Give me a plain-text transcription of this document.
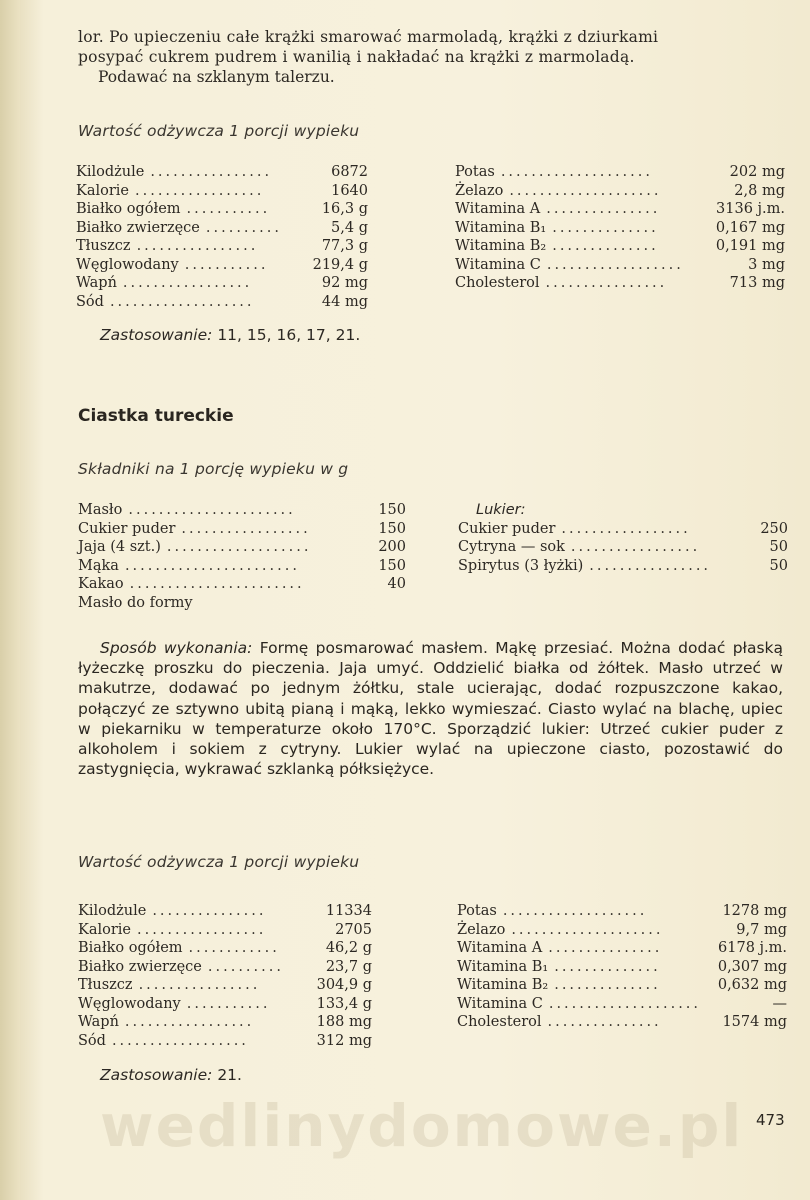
wedlinydomowe.pl
lor. Po upieczeniu całe krążki smarować marmoladą, krążki z dziurkami
posypać cukrem pudrem i wanilią i nakładać na krążki z marmoladą.
Podawać na szklanym talerzu.
Wartość odżywcza 1 porcji wypieku
Kilodżule ................	6872
Kalorie .................	1640
Białko ogółem ...........	16,3 g
Białko zwierzęce ..........	5,4 g
Tłuszcz ................	77,3 g
Węglowodany ...........	219,4 g
Wapń .................	92 mg
Sód ...................	44 mg
Potas ....................	202 mg
Żelazo ....................	2,8 mg
Witamina A ...............	3136 j.m.
Witamina B₁ ..............	0,167 mg
Witamina B₂ ..............	0,191 mg
Witamina C ..................	3 mg
Cholesterol ................	713 mg
Zastosowanie: 11, 15, 16, 17, 21.
Ciastka tureckie
Składniki na 1 porcję wypieku w g
Masło ......................	150
Cukier puder .................	150
Jaja (4 szt.) ...................	200
Mąka .......................	150
Kakao .......................	40
Masło do formy
Lukier:
Cukier puder .................	250
Cytryna — sok .................	50
Spirytus (3 łyżki) ................	50
Sposób wykonania: Formę posmarować masłem. Mąkę przesiać. Można dodać płaską łyżeczkę proszku do pieczenia. Jaja umyć. Oddzielić białka od żółtek. Masło utrzeć w makutrze, dodawać po jednym żółtku, stale ucierając, dodać rozpuszczone kakao, połączyć ze sztywno ubitą pianą i mąką, lekko wymieszać. Ciasto wylać na blachę, upiec w piekarniku w temperaturze około 170°C. Sporządzić lukier: Utrzeć cukier puder z alkoholem i sokiem z cytryny. Lukier wylać na upieczone ciasto, pozostawić do zastygnięcia, wykrawać szklanką półksiężyce.
Wartość odżywcza 1 porcji wypieku
Kilodżule ...............	11334
Kalorie .................	2705
Białko ogółem ............	46,2 g
Białko zwierzęce ..........	23,7 g
Tłuszcz ................	304,9 g
Węglowodany ...........	133,4 g
Wapń .................	188 mg
Sód ..................	312 mg
Potas ...................	1278 mg
Żelazo ....................	9,7 mg
Witamina A ...............	6178 j.m.
Witamina B₁ ..............	0,307 mg
Witamina B₂ ..............	0,632 mg
Witamina C ....................	—
Cholesterol ...............	1574 mg
Zastosowanie: 21.
473
